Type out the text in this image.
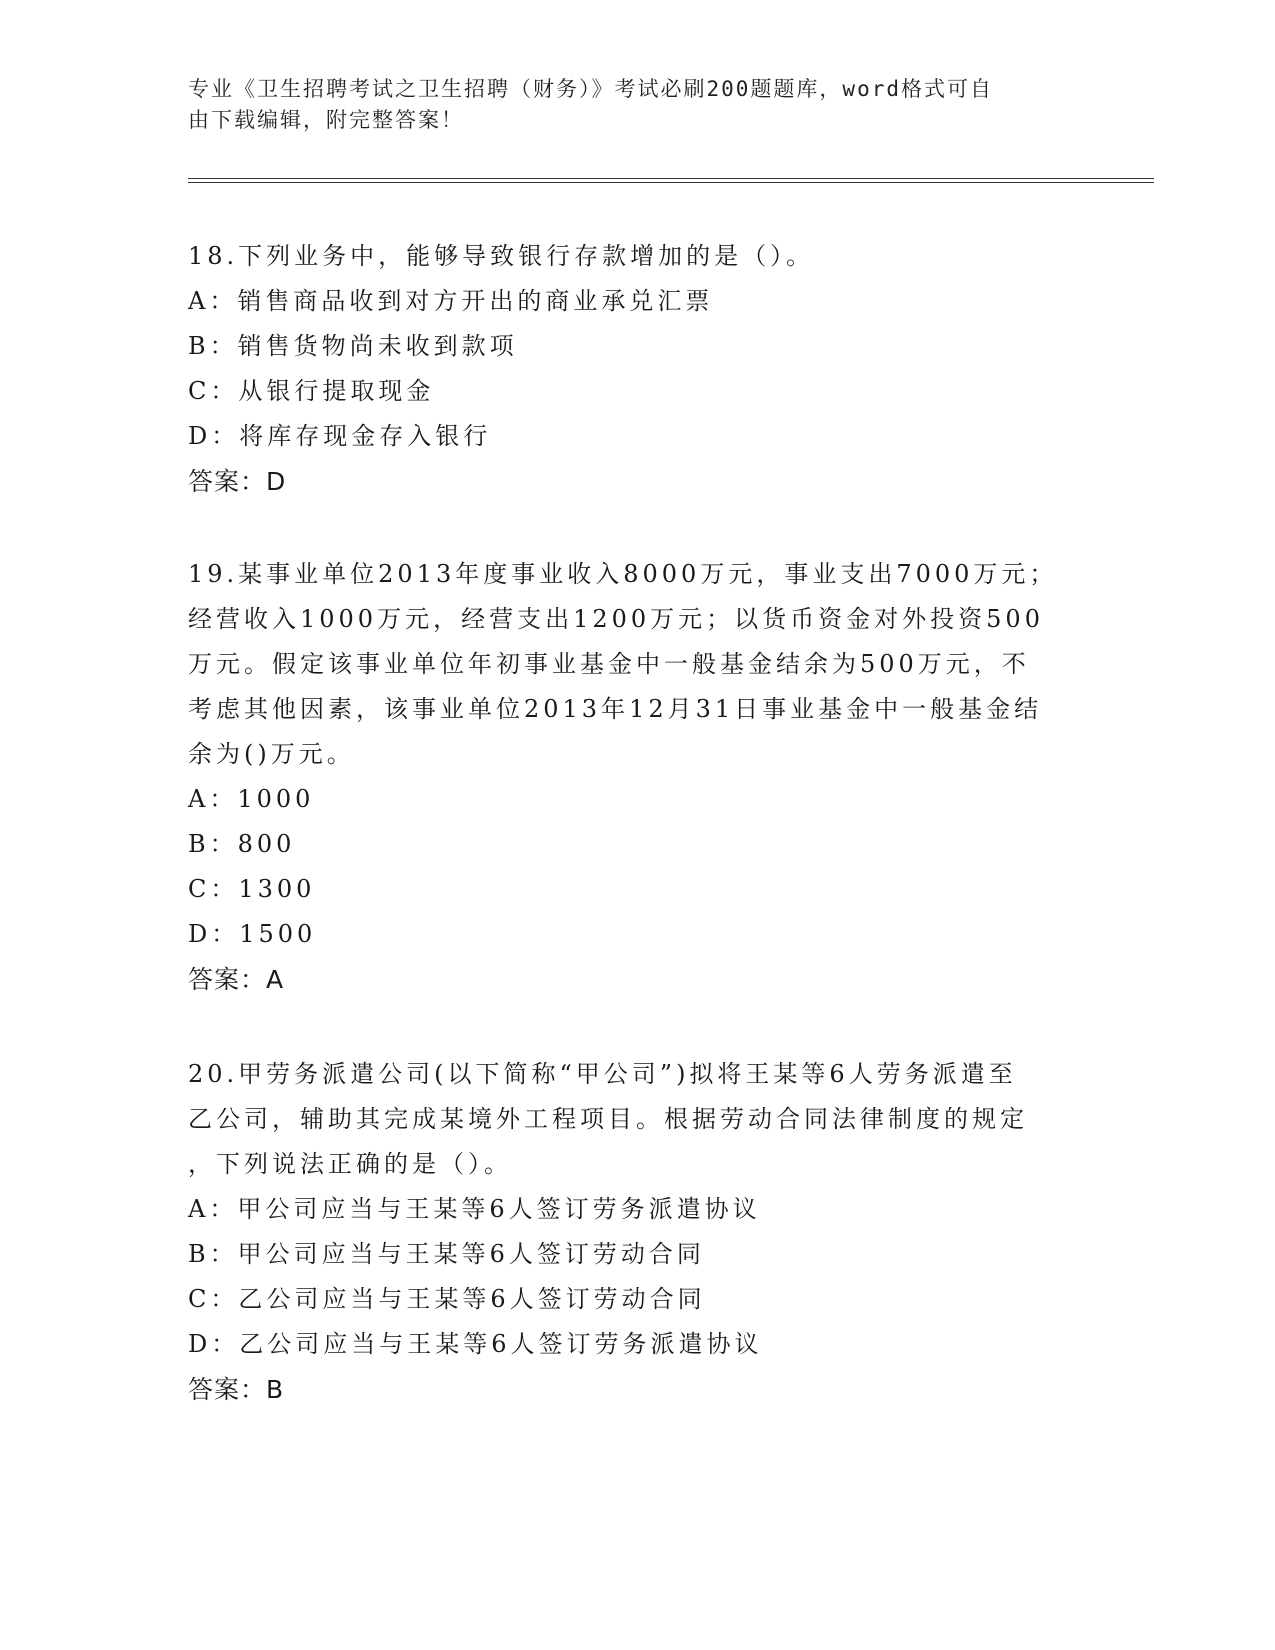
专业《卫生招聘考试之卫生招聘（财务）》考试必刷200题题库，word格式可自
由下载编辑，附完整答案！
18.下列业务中，能够导致银行存款增加的是（）。
A：销售商品收到对方开出的商业承兑汇票
B：销售货物尚未收到款项
C：从银行提取现金
D：将库存现金存入银行
答案：D
19.某事业单位2013年度事业收入8000万元，事业支出7000万元；
经营收入1000万元，经营支出1200万元；以货币资金对外投资500
万元。假定该事业单位年初事业基金中一般基金结余为500万元，不
考虑其他因素，该事业单位2013年12月31日事业基金中一般基金结
余为()万元。
A：1000
B：800
C：1300
D：1500
答案：A
20.甲劳务派遣公司(以下简称“甲公司”)拟将王某等6人劳务派遣至
乙公司，辅助其完成某境外工程项目。根据劳动合同法律制度的规定
，下列说法正确的是（）。
A：甲公司应当与王某等6人签订劳务派遣协议
B：甲公司应当与王某等6人签订劳动合同
C：乙公司应当与王某等6人签订劳动合同
D：乙公司应当与王某等6人签订劳务派遣协议
答案：B
